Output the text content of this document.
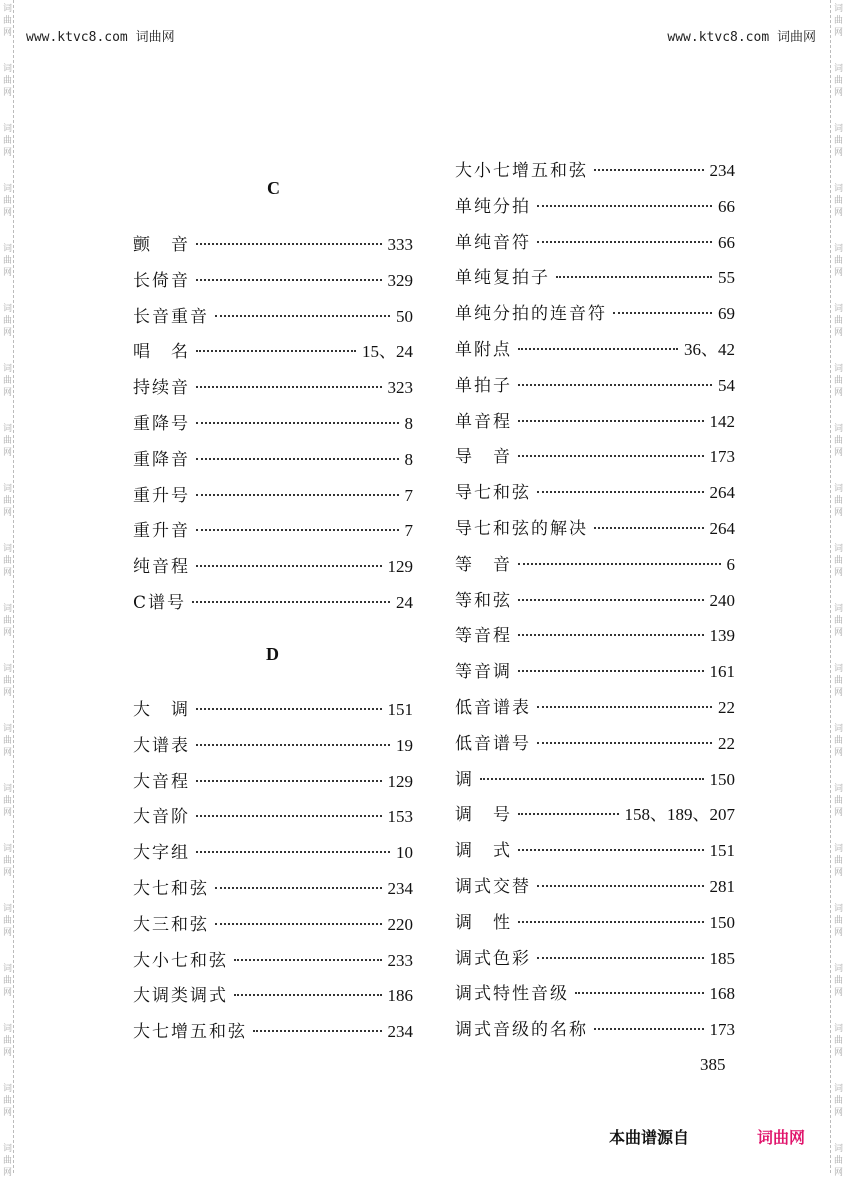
词
曲
网
词
曲
网
词
曲
网
词
曲
网
词
曲
网
词
曲
网
词
曲
网
词
曲
网
词
曲
网
词
曲
网
词
曲
网
词
曲
网
词
曲
网
词
曲
网
词
曲
网
词
曲
网
词
曲
网
词
曲
网
词
曲
网
词
曲
网
词
曲
网
词
曲
网
词
曲
网
词
曲
网
词
曲
网
词
曲
网
词
曲
网
词
曲
网
词
曲
网
词
曲
网
词
曲
网
词
曲
网
词
曲
网
词
曲
网
词
曲
网
词
曲
网
词
曲
网
词
曲
网
词
曲
网
词
曲
网
www.ktvc8.com 词曲网	www.ktvc8.com 词曲网
C
D
颤　音	333
长倚音	329
长音重音	50
唱　名	15、24
持续音	323
重降号	8
重降音	8
重升号	7
重升音	7
纯音程	129
C谱号	24
大　调	151
大谱表	19
大音程	129
大音阶	153
大字组	10
大七和弦	234
大三和弦	220
大小七和弦	233
大调类调式	186
大七增五和弦	234
大小七增五和弦	234
单纯分拍	66
单纯音符	66
单纯复拍子	55
单纯分拍的连音符	69
单附点	36、42
单拍子	54
单音程	142
导　音	173
导七和弦	264
导七和弦的解决	264
等　音	6
等和弦	240
等音程	139
等音调	161
低音谱表	22
低音谱号	22
调	150
调　号	158、189、207
调　式	151
调式交替	281
调　性	150
调式色彩	185
调式特性音级	168
调式音级的名称	173
385
本曲谱源自	词曲网
